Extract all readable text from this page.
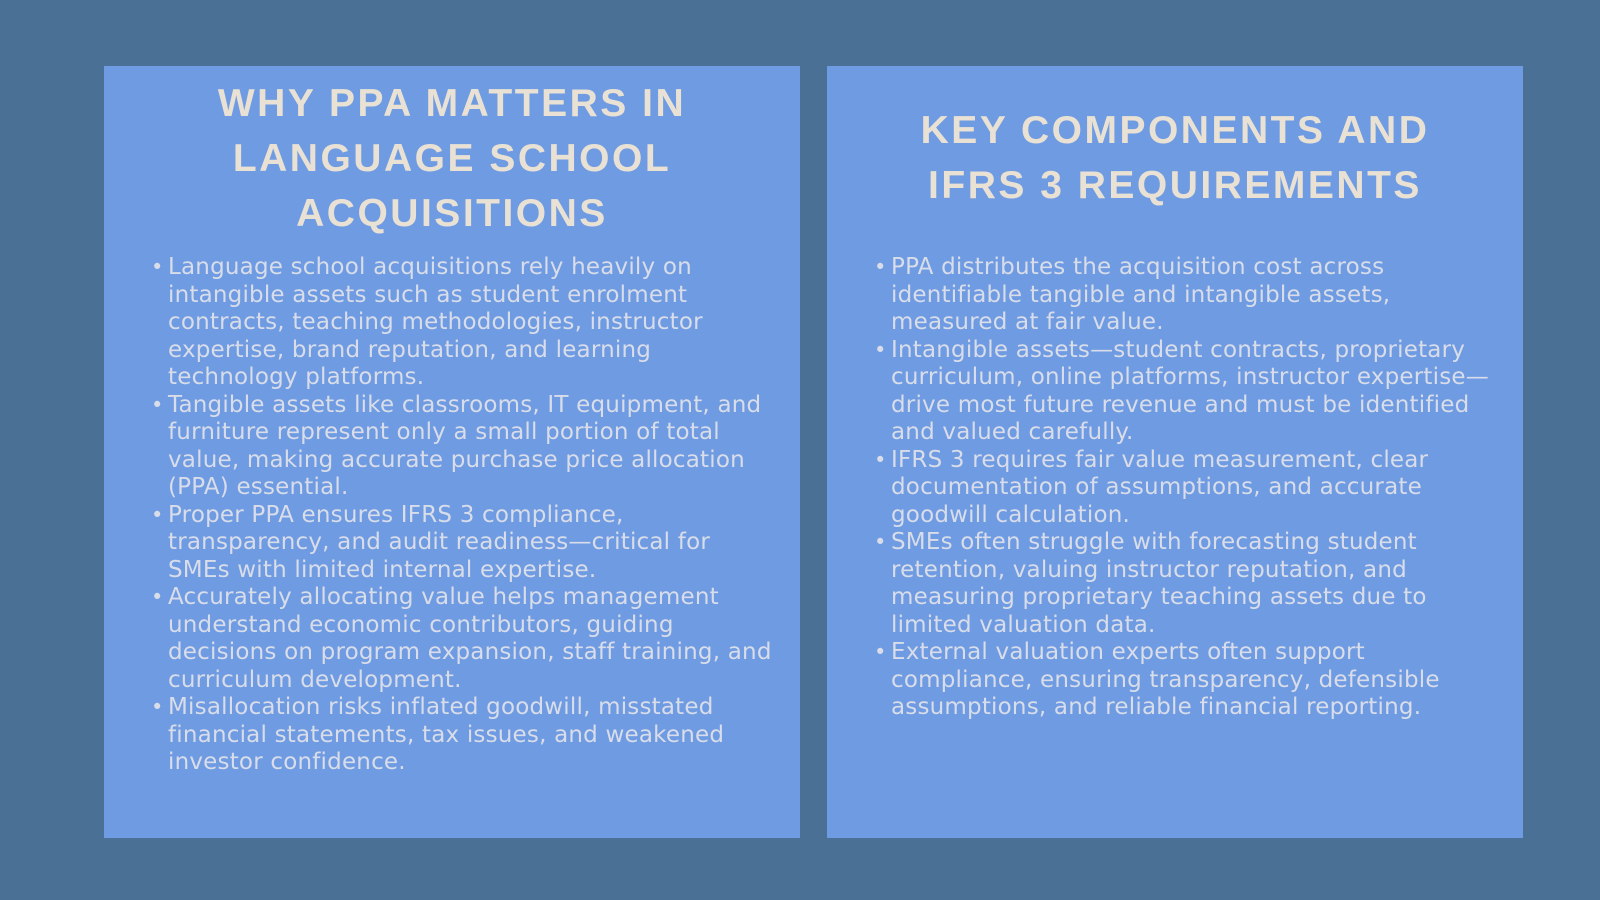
WHY PPA MATTERS IN
LANGUAGE SCHOOL
ACQUISITIONS
• Language school acquisitions rely heavily on intangible assets such as student enrolment contracts, teaching methodologies, instructor expertise, brand reputation, and learning technology platforms.
• Tangible assets like classrooms, IT equipment, and furniture represent only a small portion of total value, making accurate purchase price allocation (PPA) essential.
• Proper PPA ensures IFRS 3 compliance, transparency, and audit readiness—critical for SMEs with limited internal expertise.
• Accurately allocating value helps management understand economic contributors, guiding decisions on program expansion, staff training, and curriculum development.
• Misallocation risks inflated goodwill, misstated financial statements, tax issues, and weakened investor confidence.
KEY COMPONENTS AND
IFRS 3 REQUIREMENTS
• PPA distributes the acquisition cost across identifiable tangible and intangible assets, measured at fair value.
• Intangible assets—student contracts, proprietary curriculum, online platforms, instructor expertise—drive most future revenue and must be identified and valued carefully.
• IFRS 3 requires fair value measurement, clear documentation of assumptions, and accurate goodwill calculation.
• SMEs often struggle with forecasting student retention, valuing instructor reputation, and measuring proprietary teaching assets due to limited valuation data.
• External valuation experts often support compliance, ensuring transparency, defensible assumptions, and reliable financial reporting.
